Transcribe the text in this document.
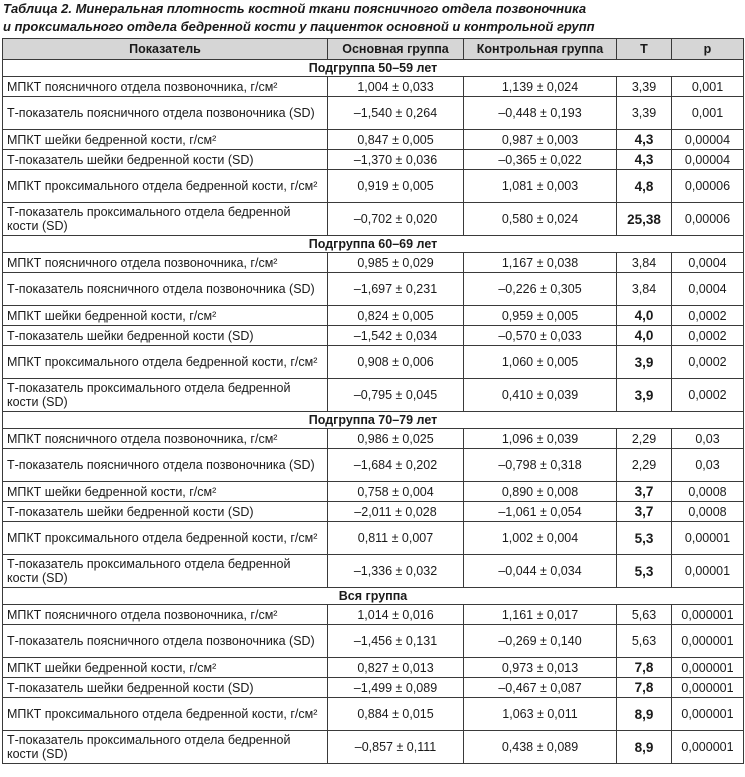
Таблица 2. Минеральная плотность костной ткани поясничного отдела позвоночника
и проксимального отдела бедренной кости у пациенток основной и контрольной групп
Показатель	Основная группа	Контрольная группа	T	p
Подгруппа 50–59 лет				
МПКТ поясничного отдела позвоночника, г/см²	1,004 ± 0,033	1,139 ± 0,024	3,39	0,001
Т-показатель поясничного отдела позвоночника (SD)	–1,540 ± 0,264	–0,448 ± 0,193	3,39	0,001
МПКТ шейки бедренной кости, г/см²	0,847 ± 0,005	0,987 ± 0,003	4,3	0,00004
Т-показатель шейки бедренной кости (SD)	–1,370 ± 0,036	–0,365 ± 0,022	4,3	0,00004
МПКТ проксимального отдела бедренной кости, г/см²	0,919 ± 0,005	1,081 ± 0,003	4,8	0,00006
Т-показатель проксимального отдела бедренной кости (SD)	–0,702 ± 0,020	0,580 ± 0,024	25,38	0,00006
Подгруппа 60–69 лет				
МПКТ поясничного отдела позвоночника, г/см²	0,985 ± 0,029	1,167 ± 0,038	3,84	0,0004
Т-показатель поясничного отдела позвоночника (SD)	–1,697 ± 0,231	–0,226 ± 0,305	3,84	0,0004
МПКТ шейки бедренной кости, г/см²	0,824 ± 0,005	0,959 ± 0,005	4,0	0,0002
Т-показатель шейки бедренной кости (SD)	–1,542 ± 0,034	–0,570 ± 0,033	4,0	0,0002
МПКТ проксимального отдела бедренной кости, г/см²	0,908 ± 0,006	1,060 ± 0,005	3,9	0,0002
Т-показатель проксимального отдела бедренной кости (SD)	–0,795 ± 0,045	0,410 ± 0,039	3,9	0,0002
Подгруппа 70–79 лет				
МПКТ поясничного отдела позвоночника, г/см²	0,986 ± 0,025	1,096 ± 0,039	2,29	0,03
Т-показатель поясничного отдела позвоночника (SD)	–1,684 ± 0,202	–0,798 ± 0,318	2,29	0,03
МПКТ шейки бедренной кости, г/см²	0,758 ± 0,004	0,890 ± 0,008	3,7	0,0008
Т-показатель шейки бедренной кости (SD)	–2,011 ± 0,028	–1,061 ± 0,054	3,7	0,0008
МПКТ проксимального отдела бедренной кости, г/см²	0,811 ± 0,007	1,002 ± 0,004	5,3	0,00001
Т-показатель проксимального отдела бедренной кости (SD)	–1,336 ± 0,032	–0,044 ± 0,034	5,3	0,00001
Вся группа				
МПКТ поясничного отдела позвоночника, г/см²	1,014 ± 0,016	1,161 ± 0,017	5,63	0,000001
Т-показатель поясничного отдела позвоночника (SD)	–1,456 ± 0,131	–0,269 ± 0,140	5,63	0,000001
МПКТ шейки бедренной кости, г/см²	0,827 ± 0,013	0,973 ± 0,013	7,8	0,000001
Т-показатель шейки бедренной кости (SD)	–1,499 ± 0,089	–0,467 ± 0,087	7,8	0,000001
МПКТ проксимального отдела бедренной кости, г/см²	0,884 ± 0,015	1,063 ± 0,011	8,9	0,000001
Т-показатель проксимального отдела бедренной кости (SD)	–0,857 ± 0,111	0,438 ± 0,089	8,9	0,000001
